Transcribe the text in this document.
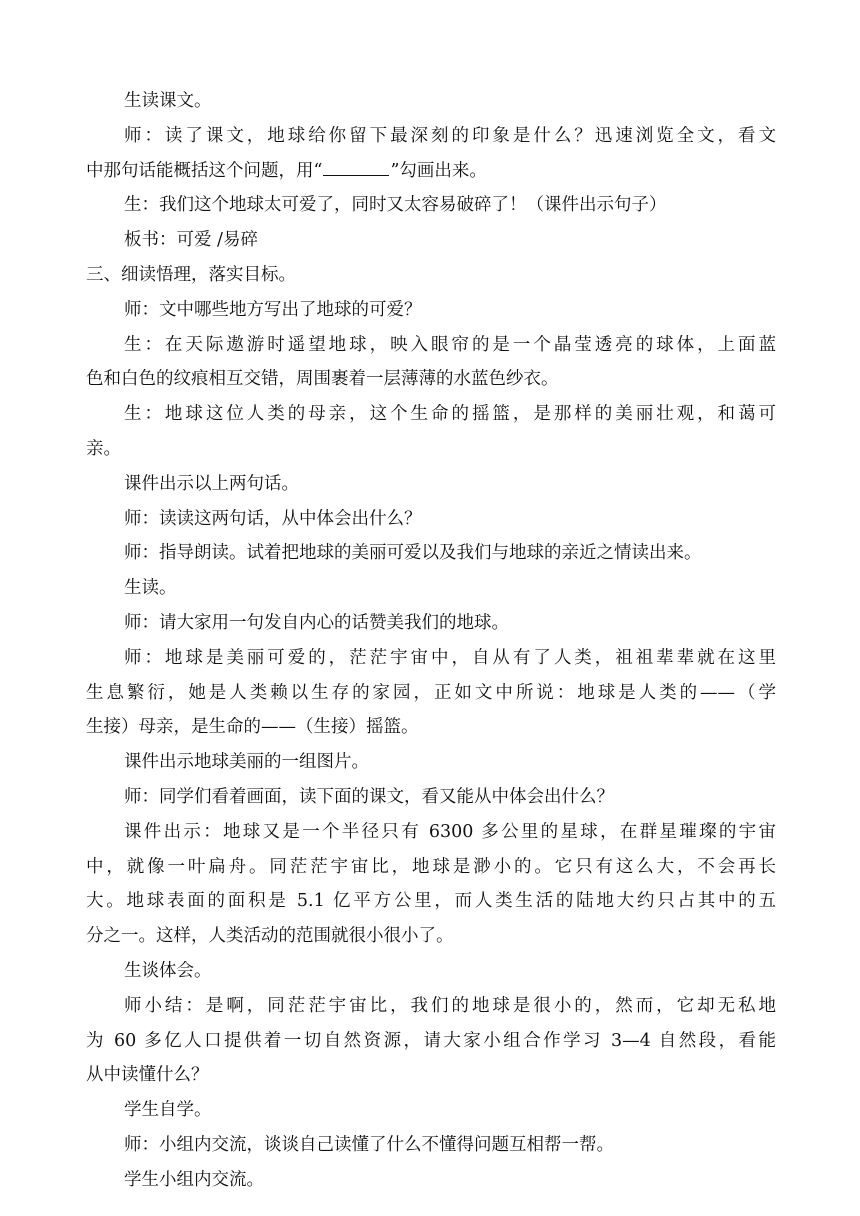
生读课文。
师：读了课文，地球给你留下最深刻的印象是什么？迅速浏览全文，看文
中那句话能概括这个问题，用“	”勾画出来。
生：我们这个地球太可爱了，同时又太容易破碎了！（课件出示句子）
板书：可爱 /易碎
三、细读悟理，落实目标。
师：文中哪些地方写出了地球的可爱？
生：在天际遨游时遥望地球，映入眼帘的是一个晶莹透亮的球体，上面蓝
色和白色的纹痕相互交错，周围裹着一层薄薄的水蓝色纱衣。
生：地球这位人类的母亲，这个生命的摇篮，是那样的美丽壮观，和蔼可
亲。
课件出示以上两句话。
师：读读这两句话，从中体会出什么？
师：指导朗读。试着把地球的美丽可爱以及我们与地球的亲近之情读出来。
生读。
师：请大家用一句发自内心的话赞美我们的地球。
师：地球是美丽可爱的，茫茫宇宙中，自从有了人类，祖祖辈辈就在这里
生息繁衍，她是人类赖以生存的家园，正如文中所说：地球是人类的——（学
生接）母亲，是生命的——（生接）摇篮。
课件出示地球美丽的一组图片。
师：同学们看着画面，读下面的课文，看又能从中体会出什么？
课件出示：地球又是一个半径只有 6300 多公里的星球，在群星璀璨的宇宙
中，就像一叶扁舟。同茫茫宇宙比，地球是渺小的。它只有这么大，不会再长
大。地球表面的面积是 5.1 亿平方公里，而人类生活的陆地大约只占其中的五
分之一。这样，人类活动的范围就很小很小了。
生谈体会。
师小结：是啊，同茫茫宇宙比，我们的地球是很小的，然而，它却无私地
为 60 多亿人口提供着一切自然资源，请大家小组合作学习 3—4 自然段，看能
从中读懂什么？
学生自学。
师：小组内交流，谈谈自己读懂了什么不懂得问题互相帮一帮。
学生小组内交流。
